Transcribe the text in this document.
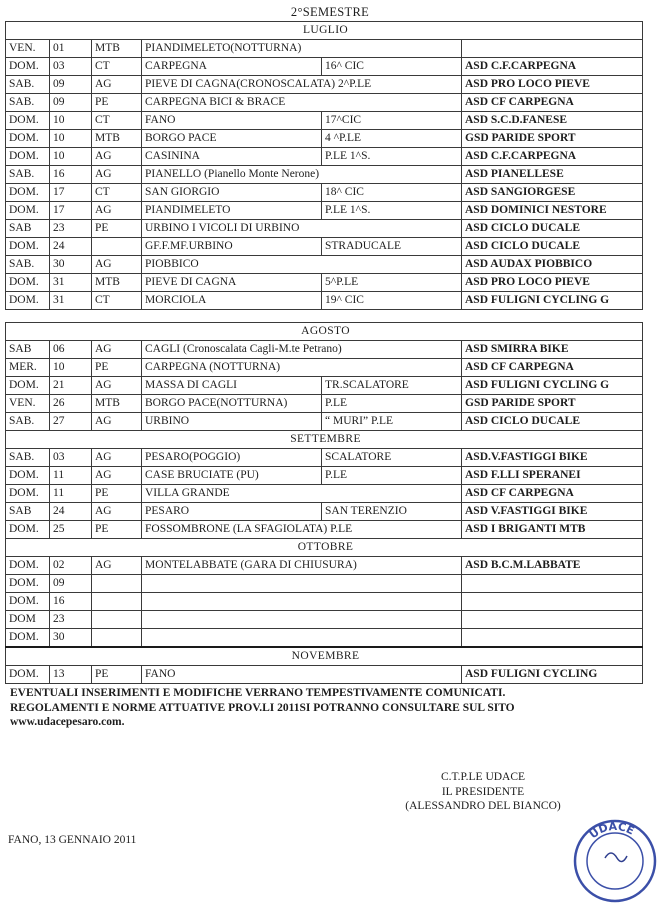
2°SEMESTRE
LUGLIO					
VEN.	01	MTB	PIANDIMELETO(NOTTURNA)		
DOM.	03	CT	CARPEGNA	16^ CIC	ASD C.F.CARPEGNA
SAB.	09	AG	PIEVE DI CAGNA(CRONOSCALATA) 2^P.LE		ASD PRO LOCO PIEVE
SAB.	09	PE	CARPEGNA BICI & BRACE		ASD CF CARPEGNA
DOM.	10	CT	FANO	17^CIC	ASD S.C.D.FANESE
DOM.	10	MTB	BORGO PACE	4 ^P.LE	GSD PARIDE SPORT
DOM.	10	AG	CASININA	P.LE 1^S.	ASD C.F.CARPEGNA
SAB.	16	AG	PIANELLO (Pianello Monte Nerone)		ASD PIANELLESE
DOM.	17	CT	SAN GIORGIO	18^ CIC	ASD SANGIORGESE
DOM.	17	AG	PIANDIMELETO	P.LE 1^S.	ASD DOMINICI NESTORE
SAB	23	PE	URBINO I VICOLI DI URBINO		ASD CICLO DUCALE
DOM.	24		GF.F.MF.URBINO	STRADUCALE	ASD CICLO DUCALE
SAB.	30	AG	PIOBBICO		ASD AUDAX PIOBBICO
DOM.	31	MTB	PIEVE DI CAGNA	5^P.LE	ASD PRO LOCO PIEVE
DOM.	31	CT	MORCIOLA	19^ CIC	ASD FULIGNI CYCLING G
AGOSTO					
SAB	06	AG	CAGLI (Cronoscalata Cagli-M.te Petrano)		ASD SMIRRA BIKE
MER.	10	PE	CARPEGNA (NOTTURNA)		ASD CF CARPEGNA
DOM.	21	AG	MASSA DI CAGLI	TR.SCALATORE	ASD FULIGNI CYCLING G
VEN.	26	MTB	BORGO PACE(NOTTURNA)	P.LE	GSD PARIDE SPORT
SAB.	27	AG	URBINO	“ MURI” P.LE	ASD CICLO DUCALE
SETTEMBRE					
SAB.	03	AG	PESARO(POGGIO)	SCALATORE	ASD.V.FASTIGGI BIKE
DOM.	11	AG	CASE BRUCIATE (PU)	P.LE	ASD F.LLI SPERANEI
DOM.	11	PE	VILLA GRANDE		ASD CF CARPEGNA
SAB	24	AG	PESARO	SAN TERENZIO	ASD V.FASTIGGI BIKE
DOM.	25	PE	FOSSOMBRONE (LA SFAGIOLATA) P.LE		ASD I BRIGANTI MTB
OTTOBRE					
DOM.	02	AG	MONTELABBATE (GARA DI CHIUSURA)		ASD B.C.M.LABBATE
DOM.	09				
DOM.	16				
DOM	23				
DOM.	30				
NOVEMBRE					
DOM.	13	PE	FANO		ASD FULIGNI CYCLING
EVENTUALI INSERIMENTI E MODIFICHE VERRANO TEMPESTIVAMENTE COMUNICATI.
REGOLAMENTI E NORME ATTUATIVE PROV.LI 2011SI POTRANNO CONSULTARE SUL SITO
www.udacepesaro.com.
C.T.P.LE UDACE
IL PRESIDENTE
(ALESSANDRO DEL BIANCO)
FANO, 13 GENNAIO 2011	UDACE
